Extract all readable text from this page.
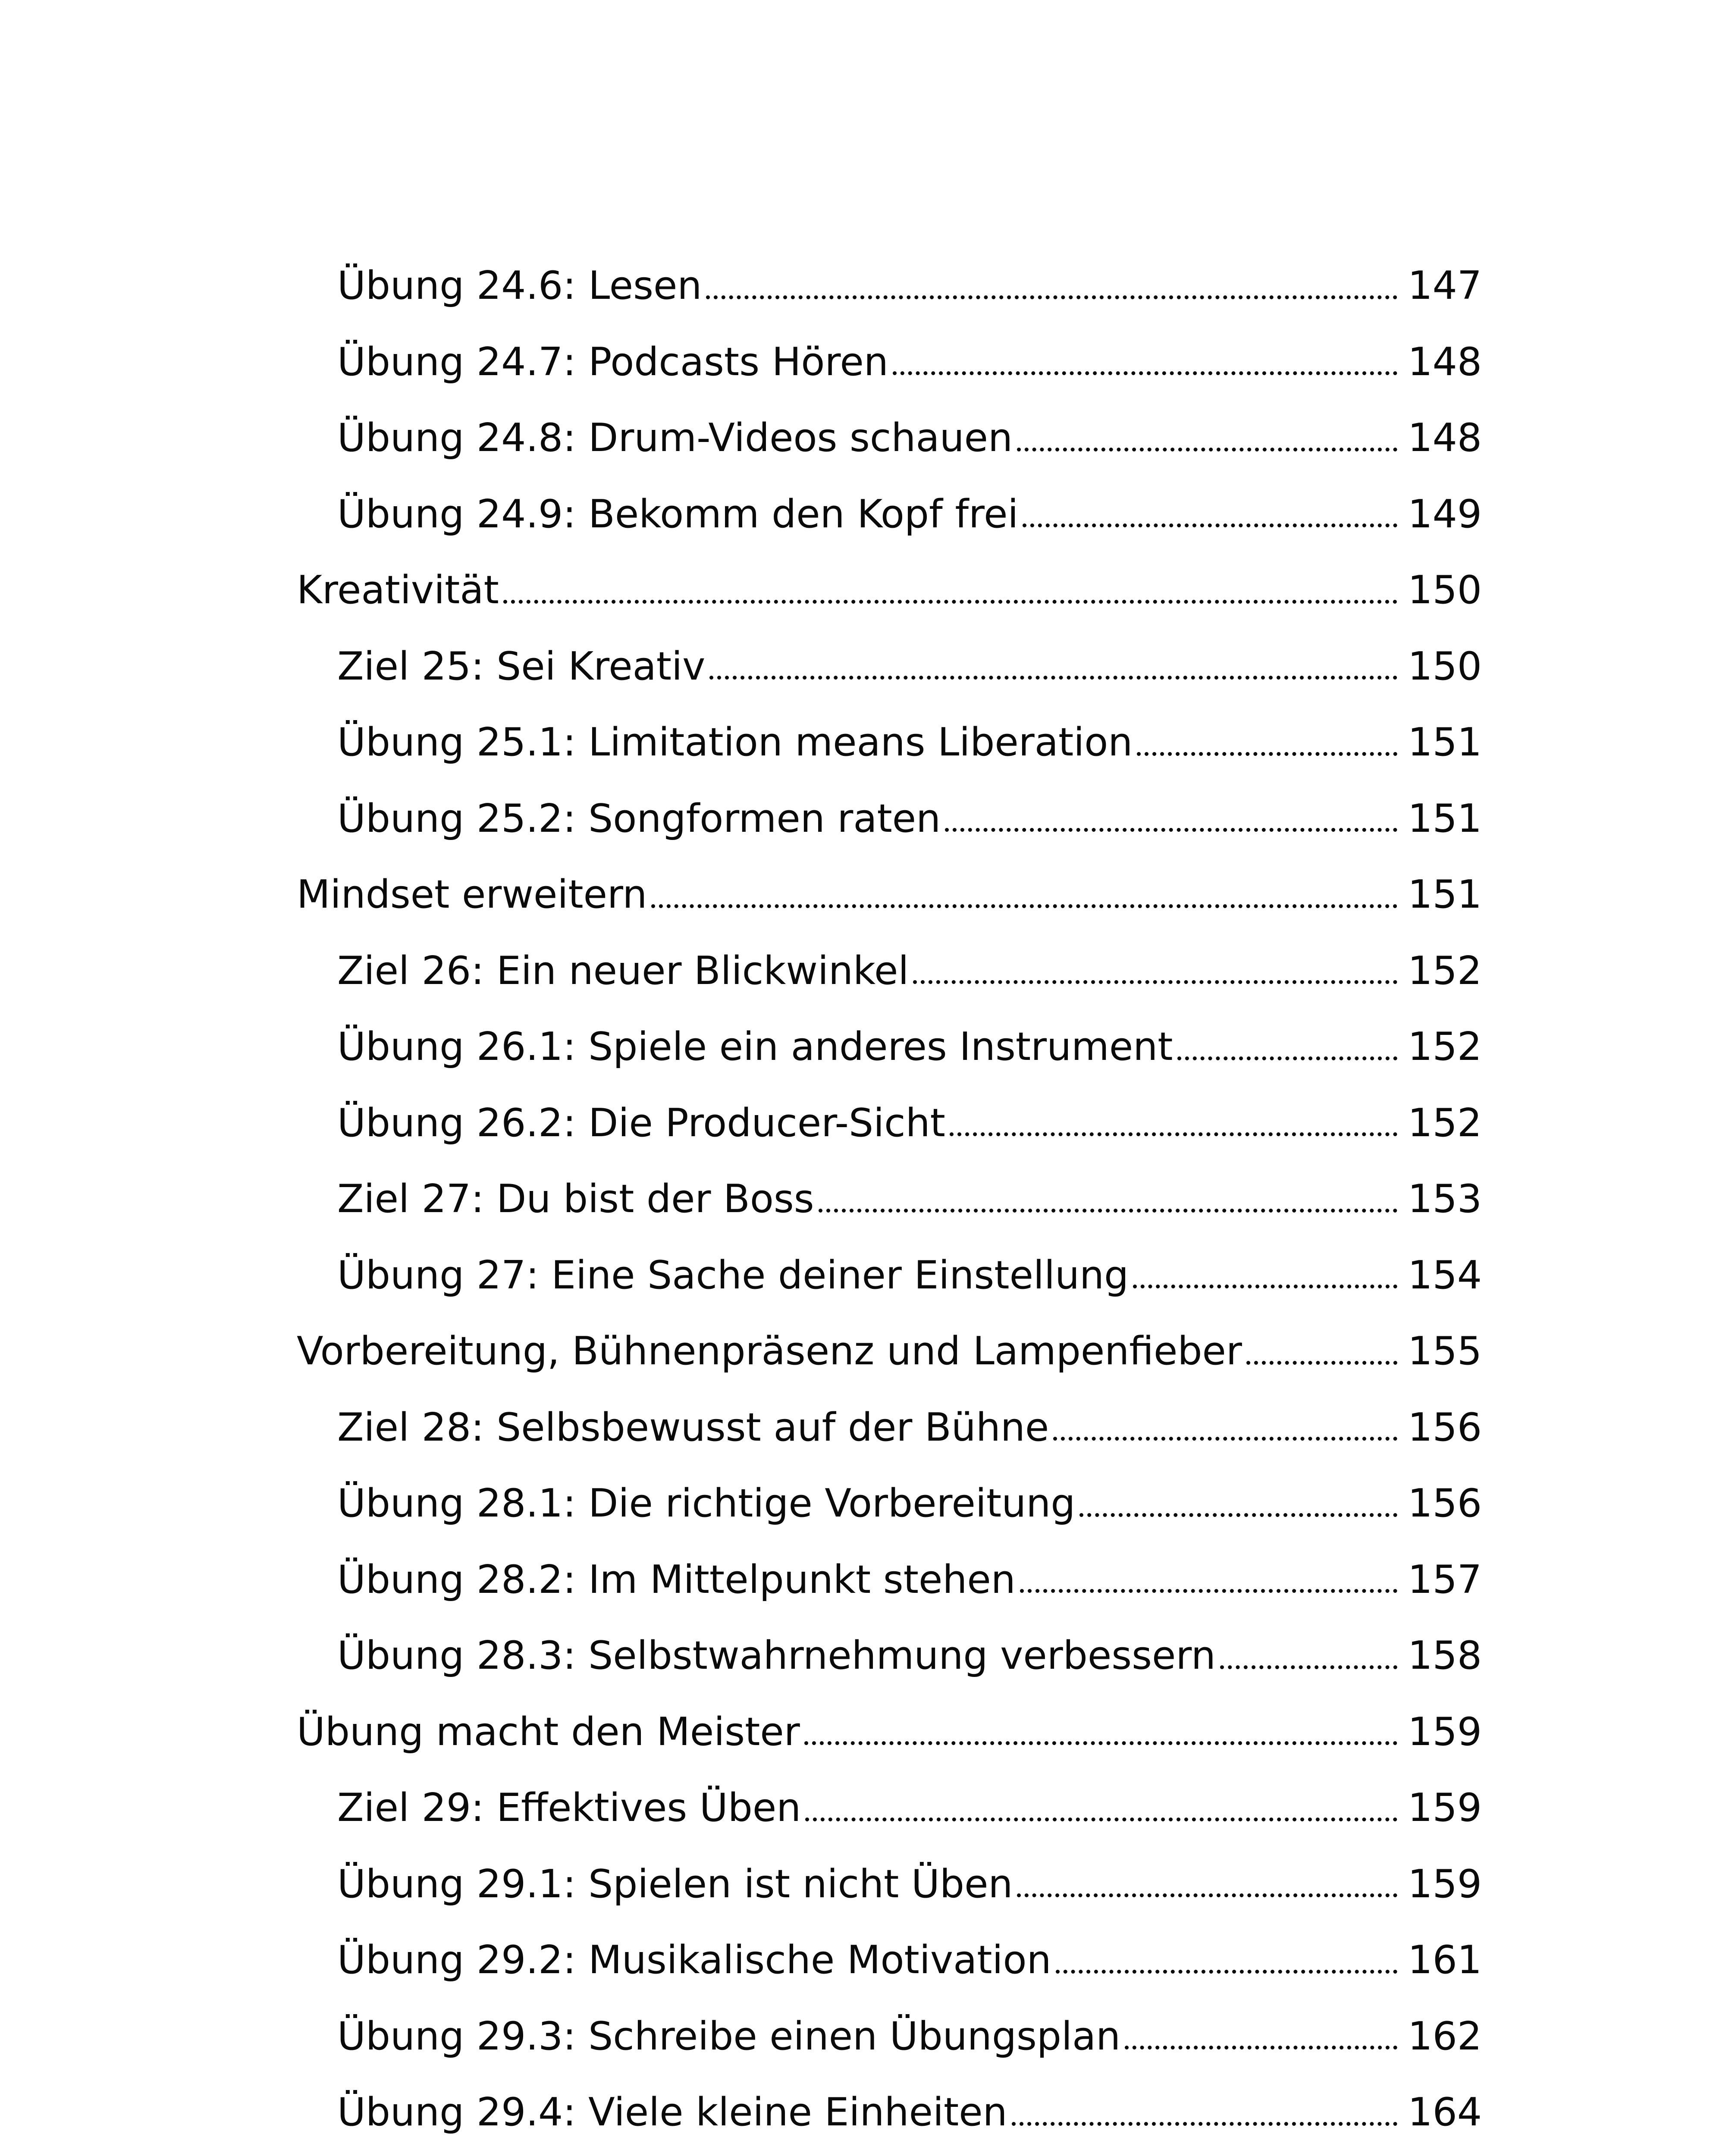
Übung 24.6: Lesen	147
Übung 24.7: Podcasts Hören	148
Übung 24.8: Drum-Videos schauen	148
Übung 24.9: Bekomm den Kopf frei	149
Kreativität	150
Ziel 25: Sei Kreativ	150
Übung 25.1: Limitation means Liberation	151
Übung 25.2: Songformen raten	151
Mindset erweitern	151
Ziel 26: Ein neuer Blickwinkel	152
Übung 26.1: Spiele ein anderes Instrument	152
Übung 26.2: Die Producer-Sicht	152
Ziel 27: Du bist der Boss	153
Übung 27: Eine Sache deiner Einstellung	154
Vorbereitung, Bühnenpräsenz und Lampenfieber	155
Ziel 28: Selbsbewusst auf der Bühne	156
Übung 28.1: Die richtige Vorbereitung	156
Übung 28.2: Im Mittelpunkt stehen	157
Übung 28.3: Selbstwahrnehmung verbessern	158
Übung macht den Meister	159
Ziel 29: Effektives Üben	159
Übung 29.1: Spielen ist nicht Üben	159
Übung 29.2: Musikalische Motivation	161
Übung 29.3: Schreibe einen Übungsplan	162
Übung 29.4: Viele kleine Einheiten	164
